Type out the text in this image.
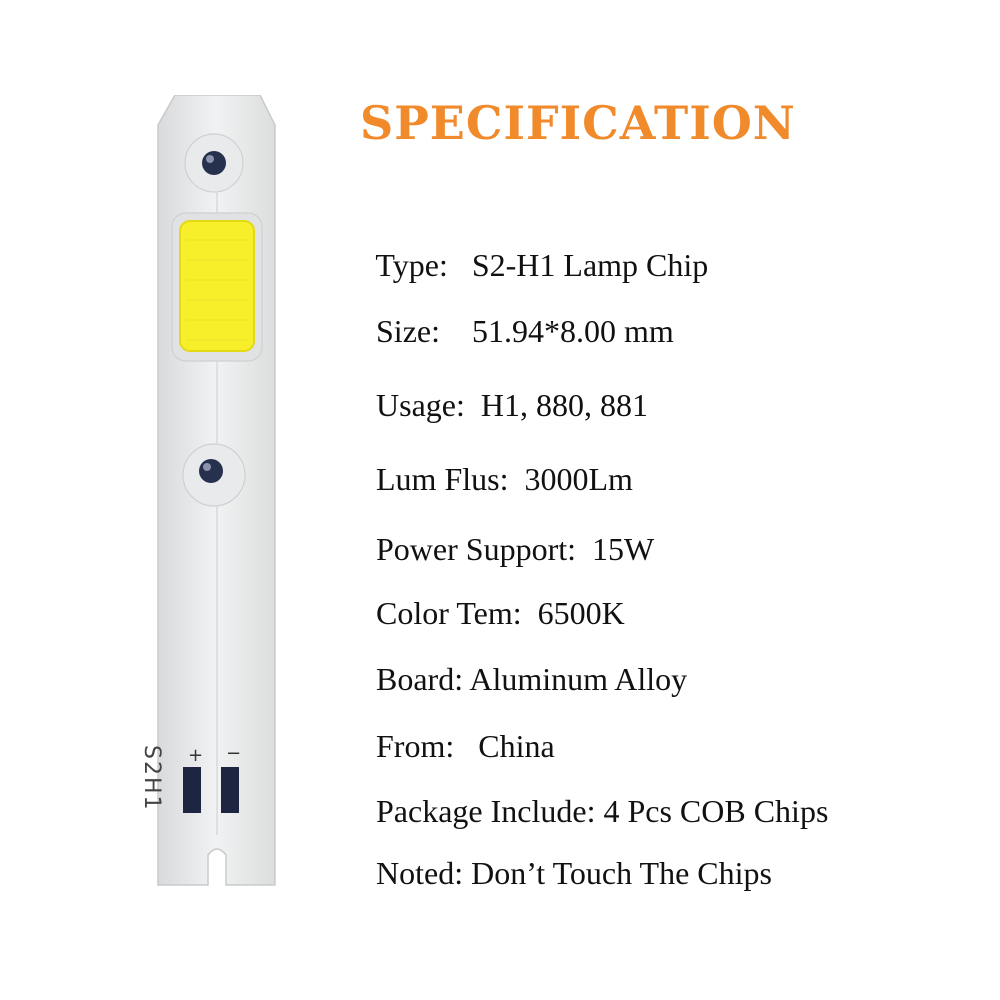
S2H1 + −
SPECIFICATION

Type: S2-H1 Lamp Chip

Size: 51.94*8.00 mm

Usage: H1, 880, 881

Lum Flus: 3000Lm

Power Support: 15W

Color Tem: 6500K

Board: Aluminum Alloy

From: China

Package Include: 4 Pcs COB Chips

Noted: Don’t Touch The Chips
